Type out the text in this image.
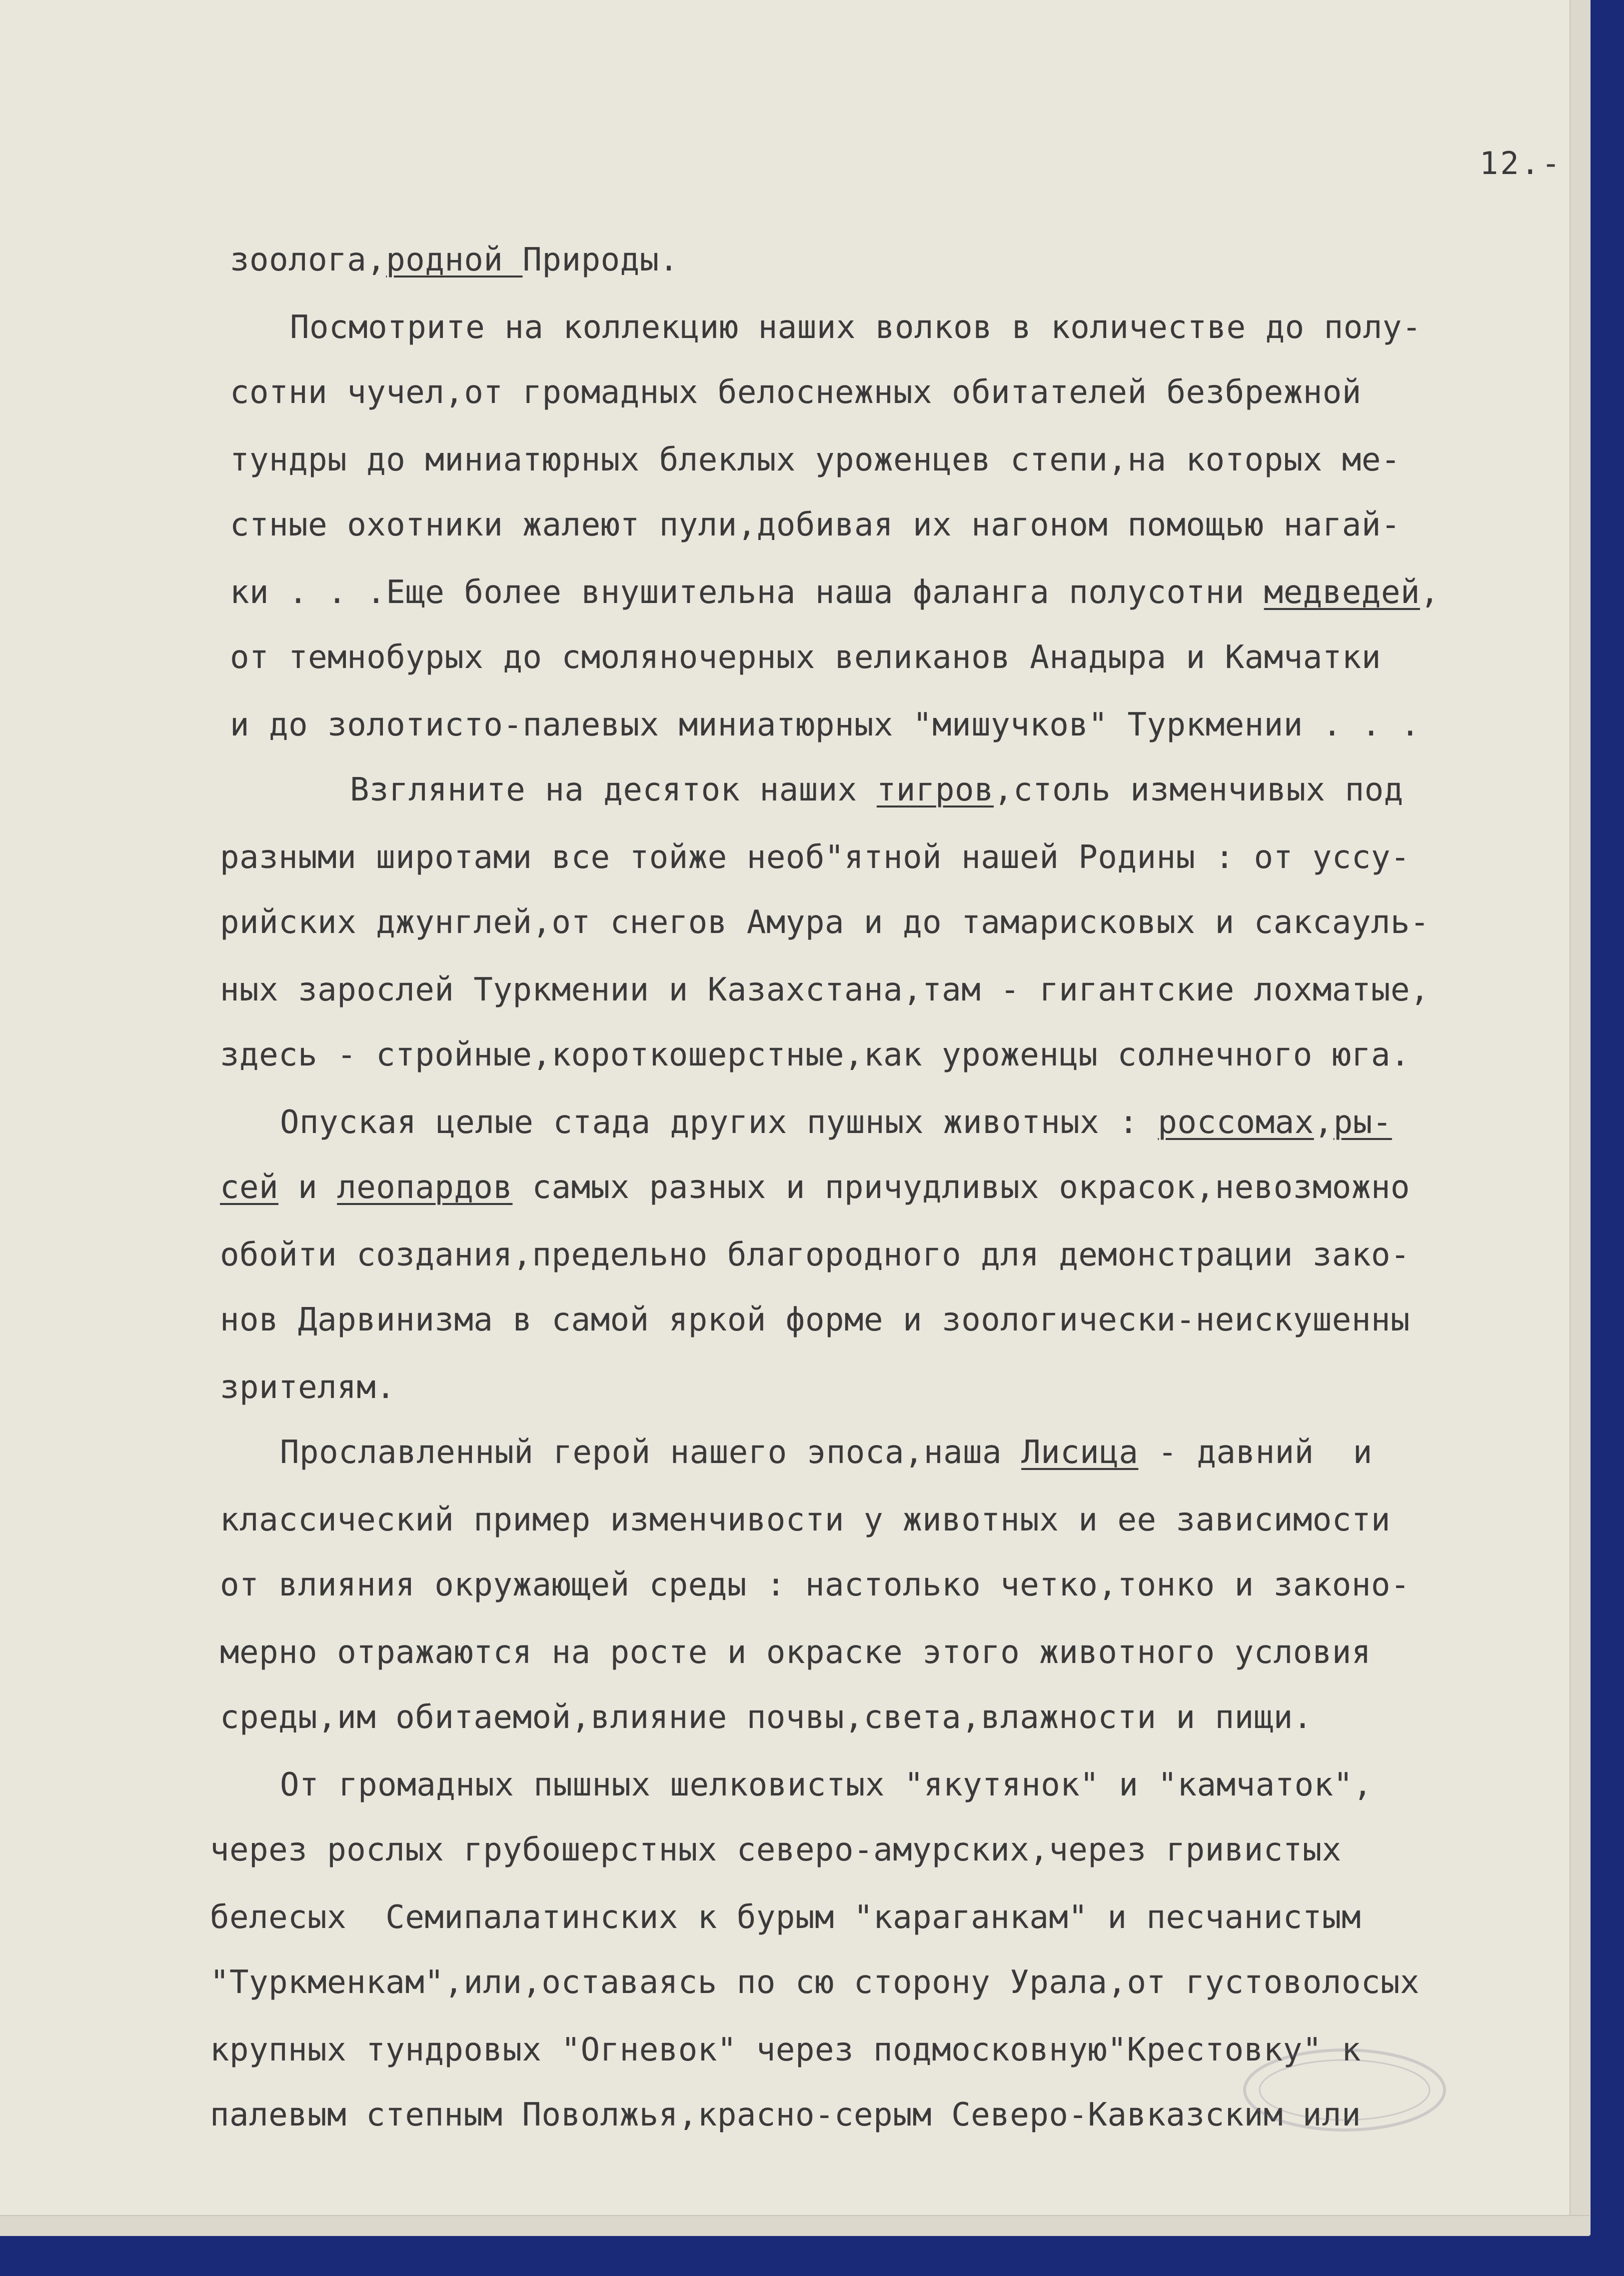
12.-
зоолога,родной Природы.
Посмотрите на коллекцию наших волков в количестве до полу-
сотни чучел,от громадных белоснежных обитателей безбрежной
тундры до миниатюрных блеклых уроженцев степи,на которых ме-
стные охотники жалеют пули,добивая их нагоном помощью нагай-
ки . . .Еще более внушительна наша фаланга полусотни медведей,
от темнобурых до смоляночерных великанов Анадыра и Камчатки
и до золотисто-палевых миниатюрных "мишучков" Туркмении . . .
Взгляните на десяток наших тигров,столь изменчивых под
разными широтами все тойже необ"ятной нашей Родины : от уссу-
рийских джунглей,от снегов Амура и до тамарисковых и саксауль-
ных зарослей Туркмении и Казахстана,там - гигантские лохматые,
здесь - стройные,короткошерстные,как уроженцы солнечного юга.
Опуская целые стада других пушных животных : россомах,ры-
сей и леопардов самых разных и причудливых окрасок,невозможно
обойти создания,предельно благородного для демонстрации зако-
нов Дарвинизма в самой яркой форме и зоологически-неискушенны
зрителям.
Прославленный герой нашего эпоса,наша Лисица - давний  и
классический пример изменчивости у животных и ее зависимости
от влияния окружающей среды : настолько четко,тонко и законо-
мерно отражаются на росте и окраске этого животного условия
среды,им обитаемой,влияние почвы,света,влажности и пищи.
От громадных пышных шелковистых "якутянок" и "камчаток",
через рослых грубошерстных северо-амурских,через гривистых
белесых  Семипалатинских к бурым "караганкам" и песчанистым
"Туркменкам",или,оставаясь по сю сторону Урала,от густоволосых
крупных тундровых "Огневок" через подмосковную"Крестовку" к
палевым степным Поволжья,красно-серым Северо-Кавказским или
